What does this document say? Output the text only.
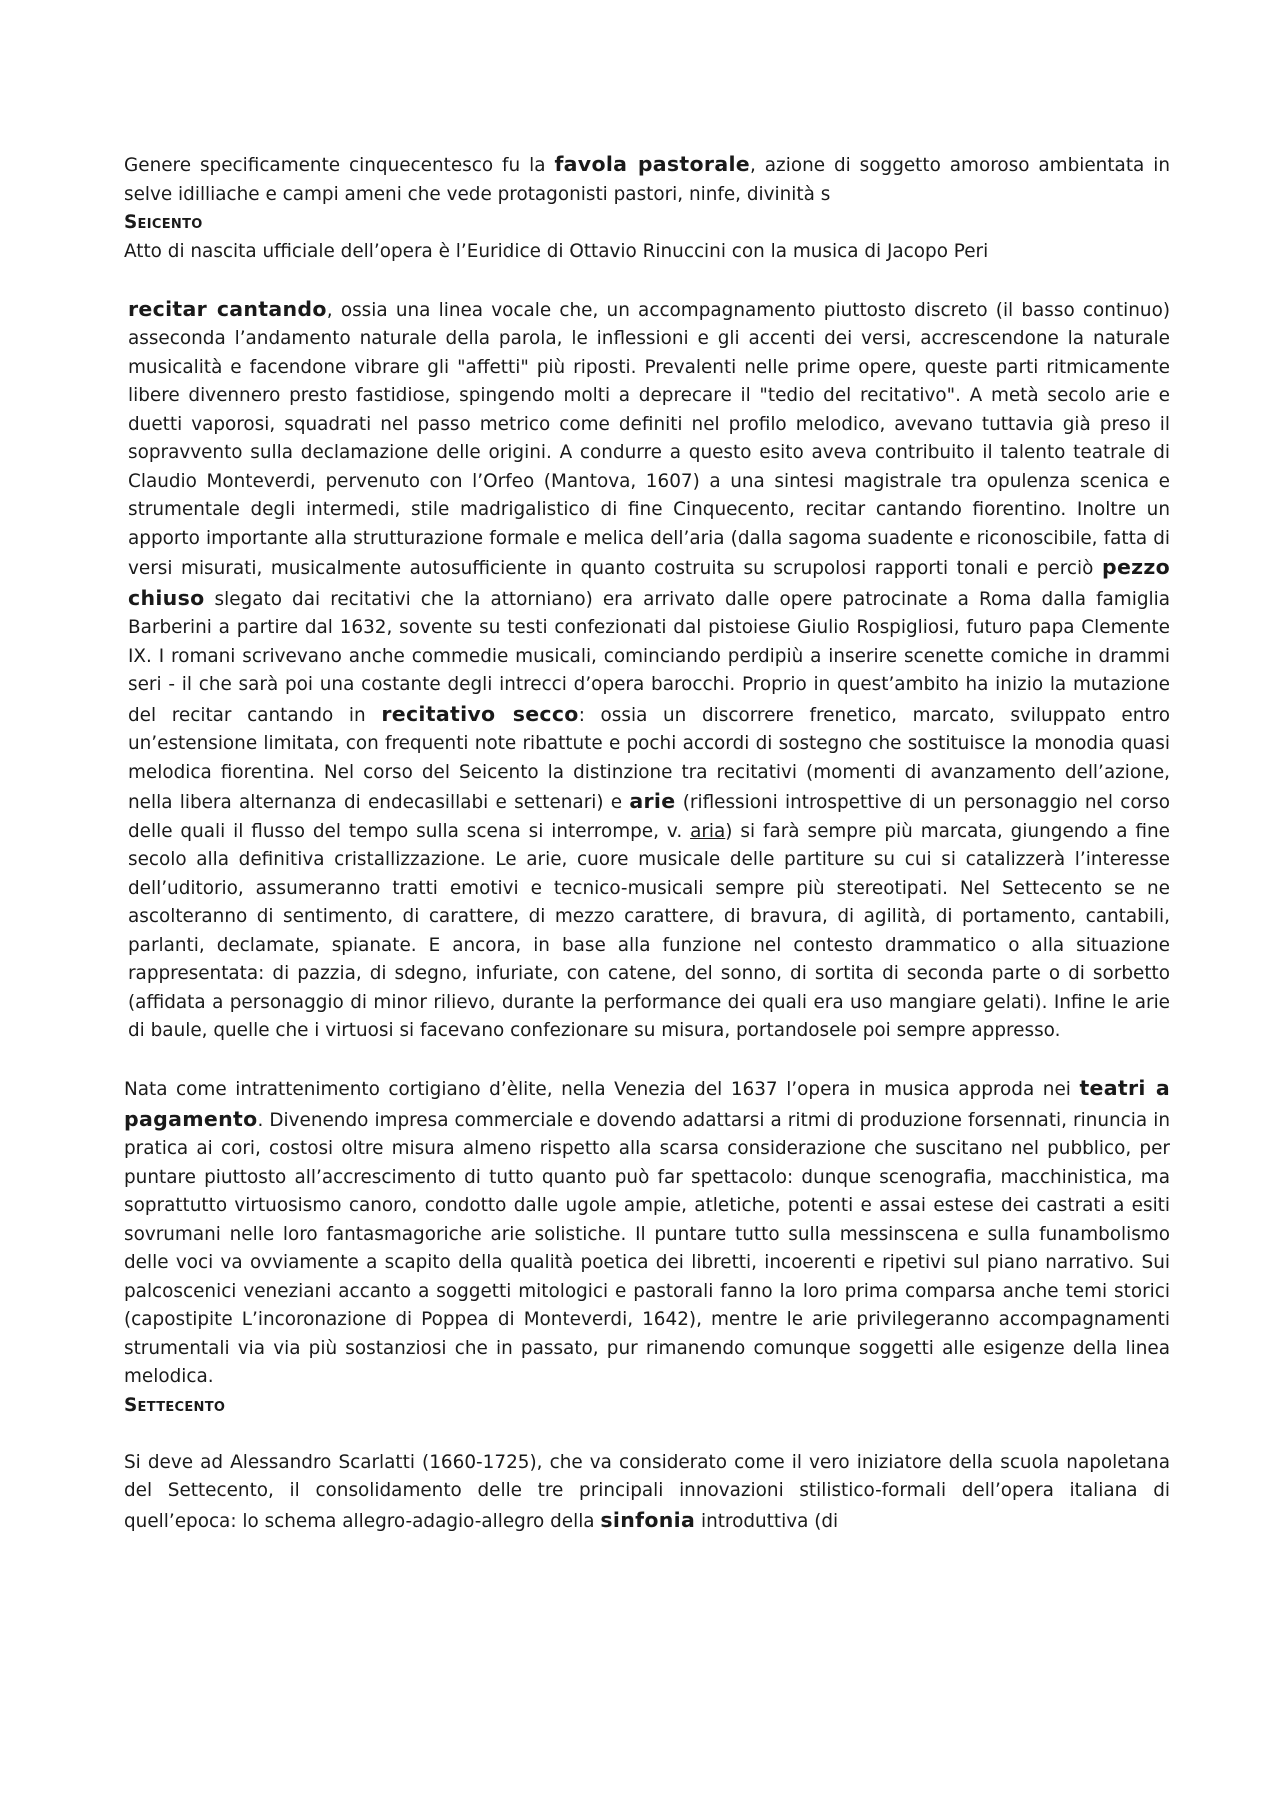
Genere specificamente cinquecentesco fu la favola pastorale, azione di soggetto amoroso ambientata in selve idilliache e campi ameni che vede protagonisti pastori, ninfe, divinità s

Seicento

Atto di nascita ufficiale dell’opera è l’Euridice di Ottavio Rinuccini con la musica di Jacopo Peri

recitar cantando, ossia una linea vocale che, un accompagnamento piuttosto discreto (il basso continuo) asseconda l’andamento naturale della parola, le inflessioni e gli accenti dei versi, accrescendone la naturale musicalità e facendone vibrare gli "affetti" più riposti. Prevalenti nelle prime opere, queste parti ritmicamente libere divennero presto fastidiose, spingendo molti a deprecare il "tedio del recitativo". A metà secolo arie e duetti vaporosi, squadrati nel passo metrico come definiti nel profilo melodico, avevano tuttavia già preso il sopravvento sulla declamazione delle origini. A condurre a questo esito aveva contribuito il talento teatrale di Claudio Monteverdi, pervenuto con l’Orfeo (Mantova, 1607) a una sintesi magistrale tra opulenza scenica e strumentale degli intermedi, stile madrigalistico di fine Cinquecento, recitar cantando fiorentino. Inoltre un apporto importante alla strutturazione formale e melica dell’aria (dalla sagoma suadente e riconoscibile, fatta di versi misurati, musicalmente autosufficiente in quanto costruita su scrupolosi rapporti tonali e perciò pezzo chiuso slegato dai recitativi che la attorniano) era arrivato dalle opere patrocinate a Roma dalla famiglia Barberini a partire dal 1632, sovente su testi confezionati dal pistoiese Giulio Rospigliosi, futuro papa Clemente IX. I romani scrivevano anche commedie musicali, cominciando perdipiù a inserire scenette comiche in drammi seri - il che sarà poi una costante degli intrecci d’opera barocchi. Proprio in quest’ambito ha inizio la mutazione del recitar cantando in recitativo secco: ossia un discorrere frenetico, marcato, sviluppato entro un’estensione limitata, con frequenti note ribattute e pochi accordi di sostegno che sostituisce la monodia quasi melodica fiorentina. Nel corso del Seicento la distinzione tra recitativi (momenti di avanzamento dell’azione, nella libera alternanza di endecasillabi e settenari) e arie (riflessioni introspettive di un personaggio nel corso delle quali il flusso del tempo sulla scena si interrompe, v. aria) si farà sempre più marcata, giungendo a fine secolo alla definitiva cristallizzazione. Le arie, cuore musicale delle partiture su cui si catalizzerà l’interesse dell’uditorio, assumeranno tratti emotivi e tecnico-musicali sempre più stereotipati. Nel Settecento se ne ascolteranno di sentimento, di carattere, di mezzo carattere, di bravura, di agilità, di portamento, cantabili, parlanti, declamate, spianate. E ancora, in base alla funzione nel contesto drammatico o alla situazione rappresentata: di pazzia, di sdegno, infuriate, con catene, del sonno, di sortita di seconda parte o di sorbetto (affidata a personaggio di minor rilievo, durante la performance dei quali era uso mangiare gelati). Infine le arie di baule, quelle che i virtuosi si facevano confezionare su misura, portandosele poi sempre appresso.

Nata come intrattenimento cortigiano d’èlite, nella Venezia del 1637 l’opera in musica approda nei teatri a pagamento. Divenendo impresa commerciale e dovendo adattarsi a ritmi di produzione forsennati, rinuncia in pratica ai cori, costosi oltre misura almeno rispetto alla scarsa considerazione che suscitano nel pubblico, per puntare piuttosto all’accrescimento di tutto quanto può far spettacolo: dunque scenografia, macchinistica, ma soprattutto virtuosismo canoro, condotto dalle ugole ampie, atletiche, potenti e assai estese dei castrati a esiti sovrumani nelle loro fantasmagoriche arie solistiche. Il puntare tutto sulla messinscena e sulla funambolismo delle voci va ovviamente a scapito della qualità poetica dei libretti, incoerenti e ripetivi sul piano narrativo. Sui palcoscenici veneziani accanto a soggetti mitologici e pastorali fanno la loro prima comparsa anche temi storici (capostipite L’incoronazione di Poppea di Monteverdi, 1642), mentre le arie privilegeranno accompagnamenti strumentali via via più sostanziosi che in passato, pur rimanendo comunque soggetti alle esigenze della linea melodica.

Settecento

Si deve ad Alessandro Scarlatti (1660-1725), che va considerato come il vero iniziatore della scuola napoletana del Settecento, il consolidamento delle tre principali innovazioni stilistico-formali dell’opera italiana di quell’epoca: lo schema allegro-adagio-allegro della sinfonia introduttiva (di
